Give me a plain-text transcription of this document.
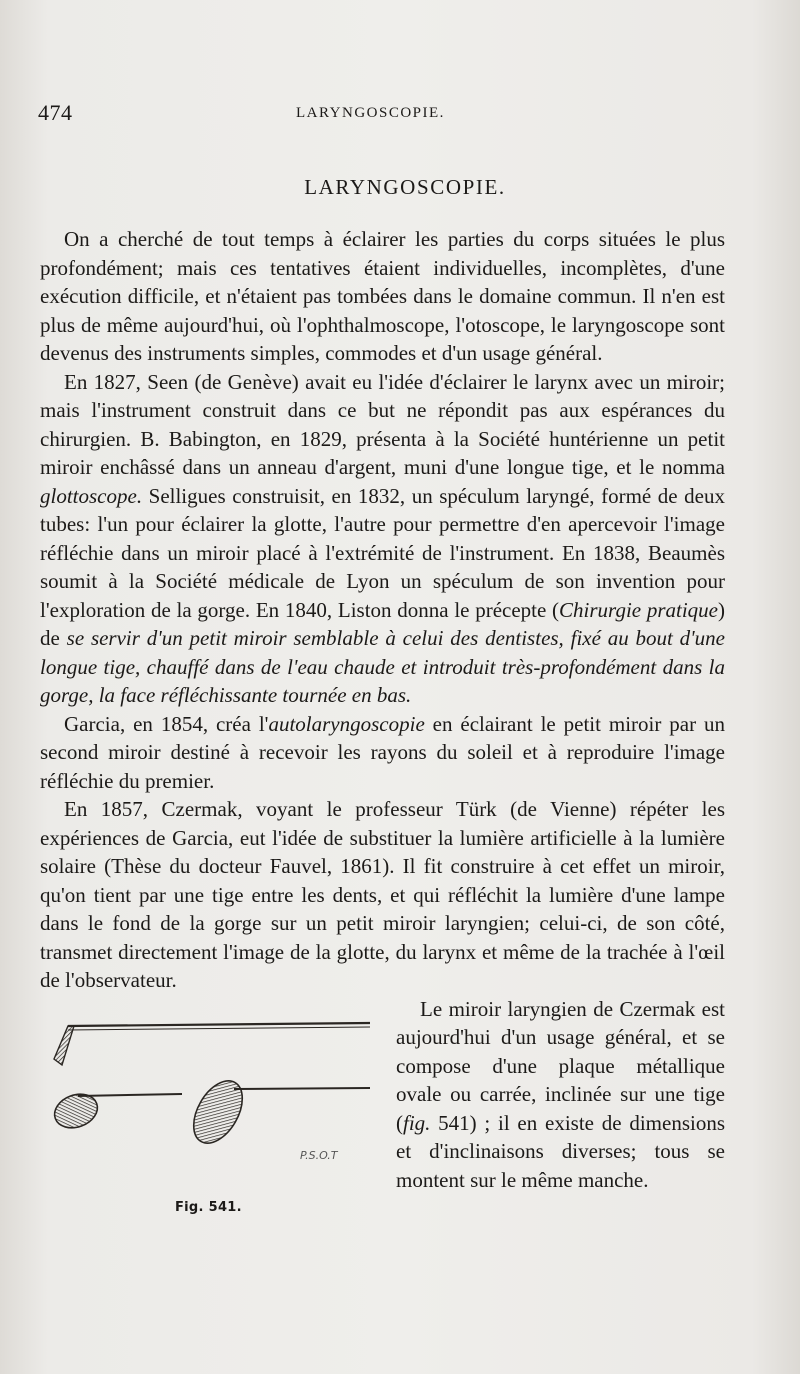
474	LARYNGOSCOPIE.
LARYNGOSCOPIE.

On a cherché de tout temps à éclairer les parties du corps situées le plus profondément; mais ces tentatives étaient individuelles, incomplètes, d'une exécution difficile, et n'étaient pas tombées dans le domaine commun. Il n'en est plus de même aujourd'hui, où l'ophthalmoscope, l'otoscope, le laryngoscope sont devenus des instruments simples, commodes et d'un usage général.

En 1827, Seen (de Genève) avait eu l'idée d'éclairer le larynx avec un miroir; mais l'instrument construit dans ce but ne répondit pas aux espérances du chirurgien. B. Babington, en 1829, présenta à la Société huntérienne un petit miroir enchâssé dans un anneau d'argent, muni d'une longue tige, et le nomma glottoscope. Selligues construisit, en 1832, un spéculum laryngé, formé de deux tubes: l'un pour éclairer la glotte, l'autre pour permettre d'en apercevoir l'image réfléchie dans un miroir placé à l'extrémité de l'instrument. En 1838, Beaumès soumit à la Société médicale de Lyon un spéculum de son invention pour l'exploration de la gorge. En 1840, Liston donna le précepte (Chirurgie pratique) de se servir d'un petit miroir semblable à celui des dentistes, fixé au bout d'une longue tige, chauffé dans de l'eau chaude et introduit très-profondément dans la gorge, la face réfléchissante tournée en bas.

Garcia, en 1854, créa l'autolaryngoscopie en éclairant le petit miroir par un second miroir destiné à recevoir les rayons du soleil et à reproduire l'image réfléchie du premier.

En 1857, Czermak, voyant le professeur Türk (de Vienne) répéter les expériences de Garcia, eut l'idée de substituer la lumière artificielle à la lumière solaire (Thèse du docteur Fauvel, 1861). Il fit construire à cet effet un miroir, qu'on tient par une tige entre les dents, et qui réfléchit la lumière d'une lampe dans le fond de la gorge sur un petit miroir laryngien; celui-ci, de son côté, transmet directement l'image de la glotte, du larynx et même de la trachée à l'œil de l'observateur.

P.S.O.T
Fig. 541.

Le miroir laryngien de Czermak est aujourd'hui d'un usage général, et se compose d'une plaque métallique ovale ou carrée, inclinée sur une tige (fig. 541) ; il en existe de dimensions et d'inclinaisons diverses; tous se montent sur le même manche.
